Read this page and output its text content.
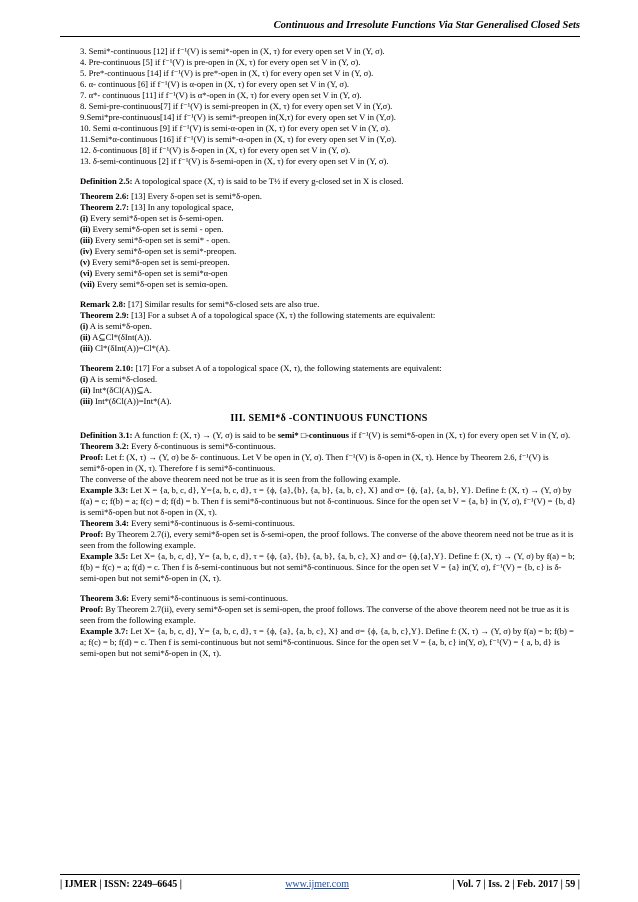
Continuous and Irresolute Functions Via Star Generalised Closed Sets

3. Semi*-continuous [12] if f⁻¹(V) is semi*-open in (X, τ) for every open set V in (Y, σ).

4. Pre-continuous [5] if f⁻¹(V) is pre-open in (X, τ) for every open set V in (Y, σ).

5. Pre*-continuous [14] if f⁻¹(V) is pre*-open in (X, τ) for every open set V in (Y, σ).

6. α- continuous [6] if f⁻¹(V) is α-open in (X, τ) for every open set V in (Y, σ).

7. α*- continuous [11] if f⁻¹(V) is α*-open in (X, τ) for every open set V in (Y, σ).

8. Semi-pre-continuous[7] if f⁻¹(V) is semi-preopen in (X, τ) for every open set V in (Y,σ).

9.Semi*pre-continuous[14] if f⁻¹(V) is semi*-preopen in(X,τ) for every open set V in (Y,σ).

10. Semi α-continuous [9] if f⁻¹(V) is semi-α-open in (X, τ) for every open set V in (Y, σ).

11.Semi*α-continuous [16] if f⁻¹(V) is semi*-α-open in (X, τ) for every open set V in (Y,σ).

12. δ-continuous [8] if f⁻¹(V) is δ-open in (X, τ) for every open set V in (Y, σ).

13. δ-semi-continuous [2] if f⁻¹(V) is δ-semi-open in (X, τ) for every open set V in (Y, σ).

Definition 2.5: A topological space (X, τ) is said to be T½ if every g-closed set in X is closed.

Theorem 2.6: [13] Every δ-open set is semi*δ-open.

Theorem 2.7: [13] In any topological space,

(i) Every semi*δ-open set is δ-semi-open.

(ii) Every semi*δ-open set is semi - open.

(iii) Every semi*δ-open set is semi* - open.

(iv) Every semi*δ-open set is semi*-preopen.

(v) Every semi*δ-open set is semi-preopen.

(vi) Every semi*δ-open set is semi*α-open

(vii) Every semi*δ-open set is semiα-open.

Remark 2.8: [17] Similar results for semi*δ-closed sets are also true.

Theorem 2.9: [13] For a subset A of a topological space (X, τ) the following statements are equivalent:

(i) A is semi*δ-open.

(ii) A⊆Cl*(δInt(A)).

(iii) Cl*(δInt(A))=Cl*(A).

Theorem 2.10: [17] For a subset A of a topological space (X, τ), the following statements are equivalent:

(i) A is semi*δ-closed.

(ii) Int*(δCl(A))⊆A.

(iii) Int*(δCl(A))=Int*(A).

III. SEMI*δ -CONTINUOUS FUNCTIONS

Definition 3.1: A function f: (X, τ) → (Y, σ) is said to be semi* □-continuous if f⁻¹(V) is semi*δ-open in (X, τ) for every open set V in (Y, σ).

Theorem 3.2: Every δ-continuous is semi*δ-continuous.

Proof: Let f: (X, τ) → (Y, σ) be δ- continuous. Let V be open in (Y, σ). Then f⁻¹(V) is δ-open in (X, τ). Hence by Theorem 2.6, f⁻¹(V) is semi*δ-open in (X, τ). Therefore f is semi*δ-continuous.

The converse of the above theorem need not be true as it is seen from the following example.

Example 3.3: Let X = {a, b, c, d}, Y={a, b, c, d}, τ = {ϕ, {a},{b}, {a, b}, {a, b, c}, X} and σ= {ϕ, {a}, {a, b}, Y}. Define f: (X, τ) → (Y, σ) by f(a) = c; f(b) = a; f(c) = d; f(d) = b. Then f is semi*δ-continuous but not δ-continuous. Since for the open set V = {a, b} in (Y, σ), f⁻¹(V) = {b, d} is semi*δ-open but not δ-open in (X, τ).

Theorem 3.4: Every semi*δ-continuous is δ-semi-continuous.

Proof: By Theorem 2.7(i), every semi*δ-open set is δ-semi-open, the proof follows. The converse of the above theorem need not be true as it is seen from the following example.

Example 3.5: Let X= {a, b, c, d}, Y= {a, b, c, d}, τ = {ϕ, {a}, {b}, {a, b}, {a, b, c}, X} and σ= {ϕ,{a},Y}. Define f: (X, τ) → (Y, σ) by f(a) = b; f(b) = f(c) = a; f(d) = c. Then f is δ-semi-continuous but not semi*δ-continuous. Since for the open set V = {a} in(Y, σ), f⁻¹(V) = {b, c} is δ-semi-open but not semi*δ-open in (X, τ).

Theorem 3.6: Every semi*δ-continuous is semi-continuous.

Proof: By Theorem 2.7(ii), every semi*δ-open set is semi-open, the proof follows. The converse of the above theorem need not be true as it is seen from the following example.

Example 3.7: Let X= {a, b, c, d}, Y= {a, b, c, d}, τ = {ϕ, {a}, {a, b, c}, X} and σ= {ϕ, {a, b, c},Y}. Define f: (X, τ) → (Y, σ) by f(a) = b; f(b) = a; f(c) = b; f(d) = c. Then f is semi-continuous but not semi*δ-continuous. Since for the open set V = {a, b, c} in(Y, σ), f⁻¹(V) = { a, b, d} is semi-open but not semi*δ-open in (X, τ).

| IJMER | ISSN: 2249–6645 |	www.ijmer.com	| Vol. 7 | Iss. 2 | Feb. 2017 | 59 |
